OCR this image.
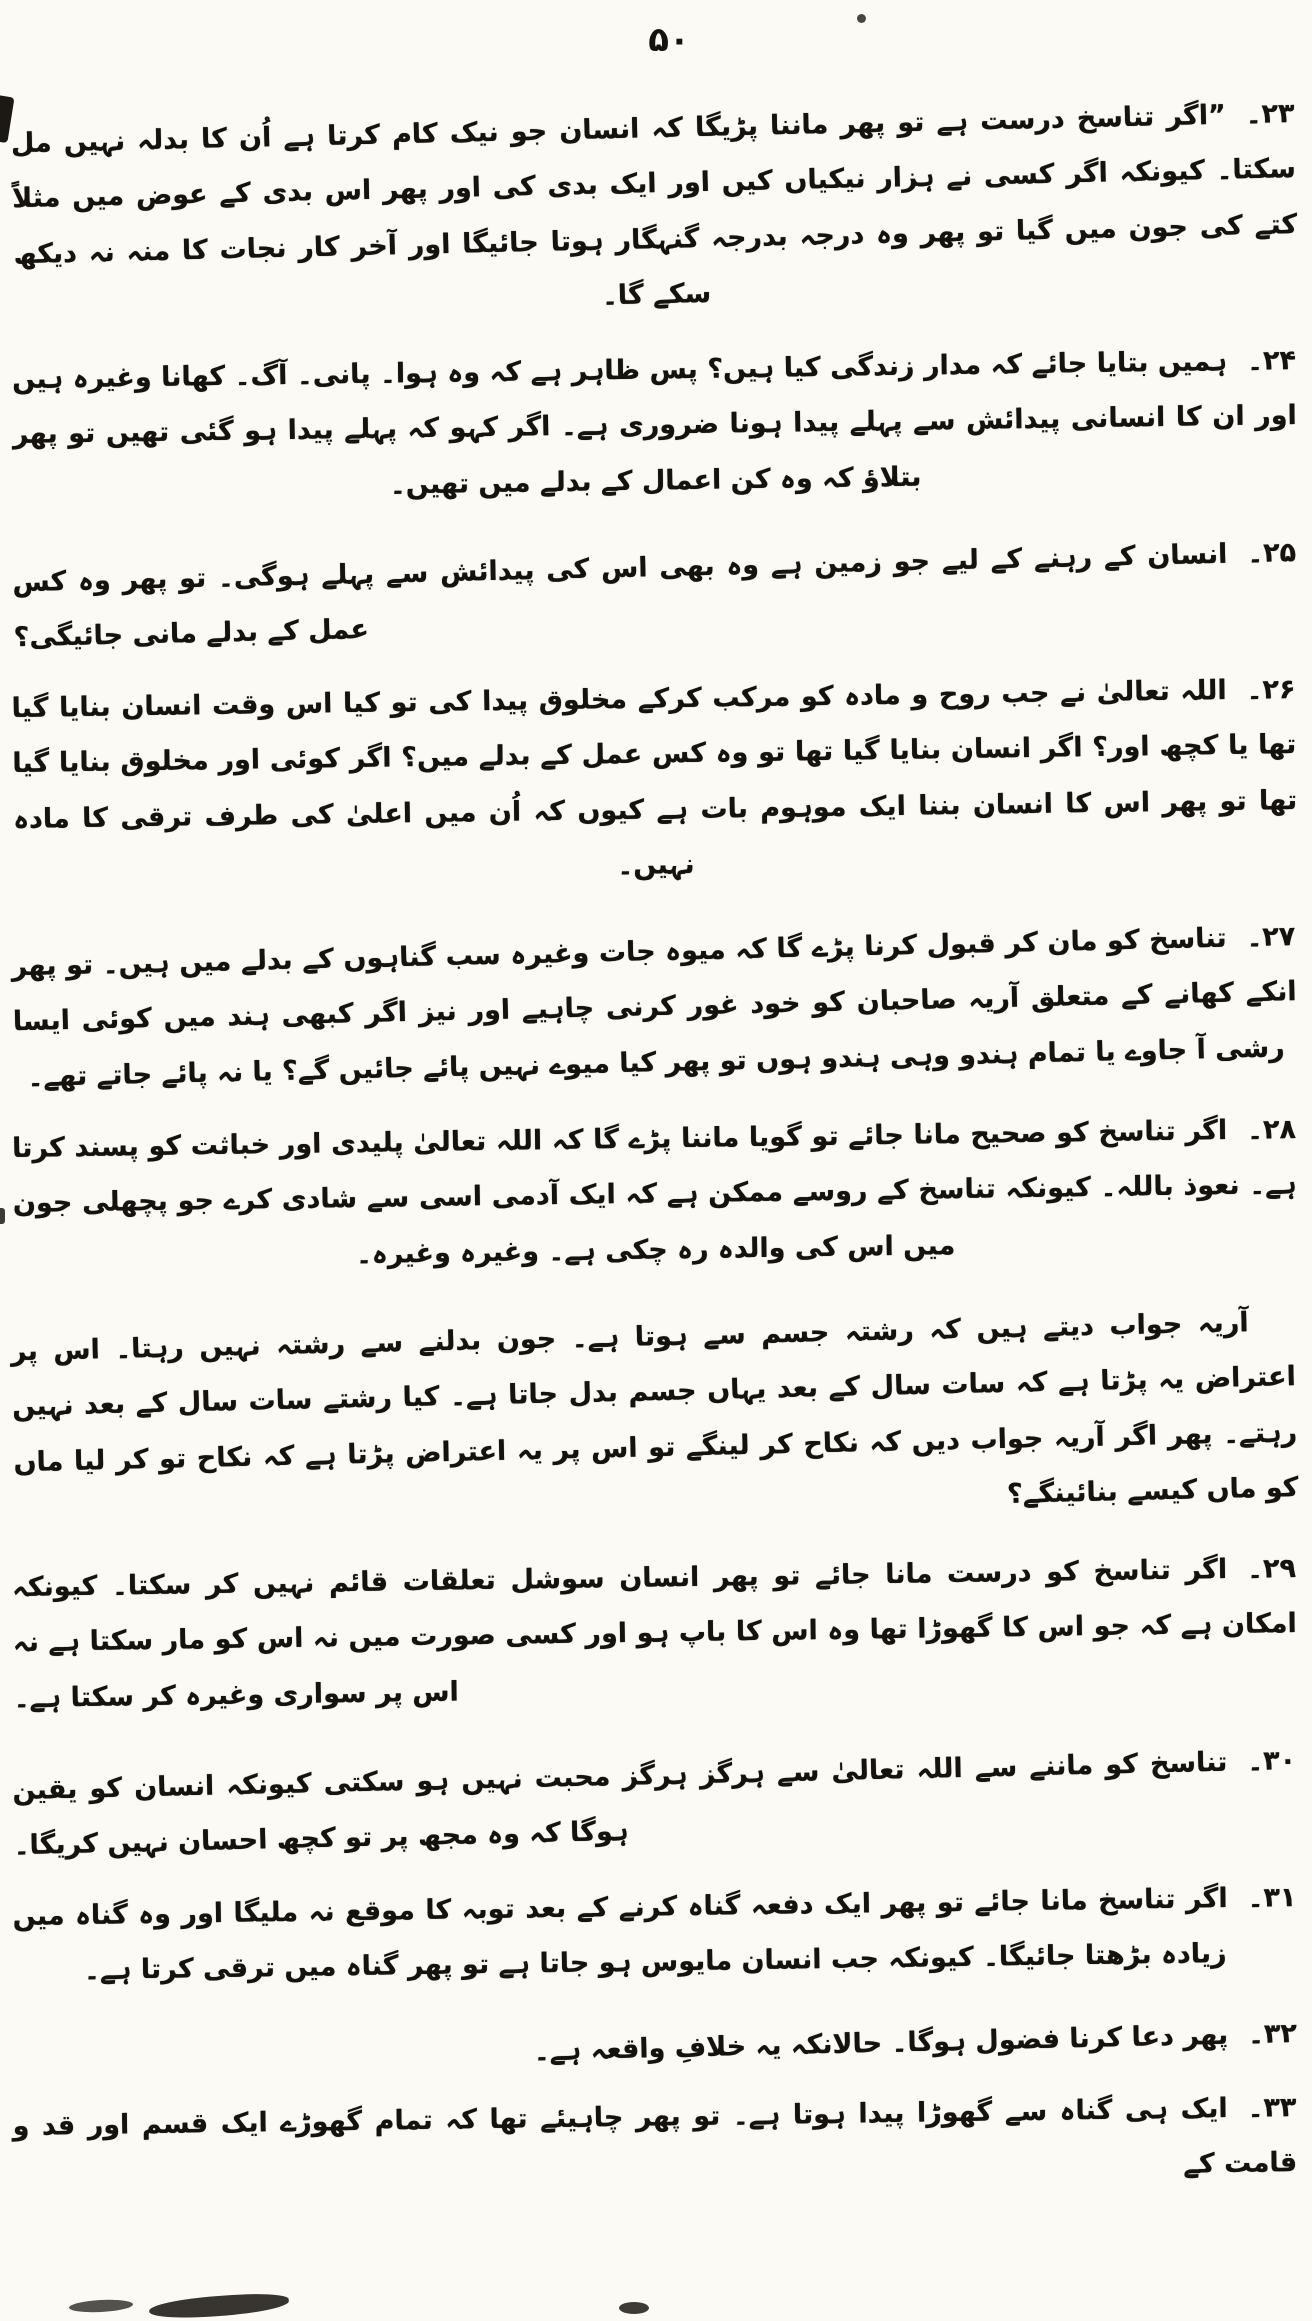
۵۰

۲۳۔”اگر تناسخ درست ہے تو پھر ماننا پڑیگا کہ انسان جو نیک کام کرتا ہے اُن کا بدلہ نہیں مل سکتا۔ کیونکہ اگر کسی نے ہزار نیکیاں کیں اور ایک بدی کی اور پھر اس بدی کے عوض میں مثلاً کتے کی جون میں گیا تو پھر وہ درجہ بدرجہ گنہگار ہوتا جائیگا اور آخر کار نجات کا منہ نہ دیکھ سکے گا۔

۲۴۔ہمیں بتایا جائے کہ مدار زندگی کیا ہیں؟ پس ظاہر ہے کہ وہ ہوا۔ پانی۔ آگ۔ کھانا وغیرہ ہیں اور ان کا انسانی پیدائش سے پہلے پیدا ہونا ضروری ہے۔ اگر کہو کہ پہلے پیدا ہو گئی تھیں تو پھر بتلاؤ کہ وہ کن اعمال کے بدلے میں تھیں۔

۲۵۔انسان کے رہنے کے لیے جو زمین ہے وہ بھی اس کی پیدائش سے پہلے ہوگی۔ تو پھر وہ کس عمل کے بدلے مانی جائیگی؟

۲۶۔اللہ تعالیٰ نے جب روح و مادہ کو مرکب کرکے مخلوق پیدا کی تو کیا اس وقت انسان بنایا گیا تھا یا کچھ اور؟ اگر انسان بنایا گیا تھا تو وہ کس عمل کے بدلے میں؟ اگر کوئی اور مخلوق بنایا گیا تھا تو پھر اس کا انسان بننا ایک موہوم بات ہے کیوں کہ اُن میں اعلیٰ کی طرف ترقی کا مادہ نہیں۔

۲۷۔تناسخ کو مان کر قبول کرنا پڑے گا کہ میوہ جات وغیرہ سب گناہوں کے بدلے میں ہیں۔ تو پھر انکے کھانے کے متعلق آریہ صاحبان کو خود غور کرنی چاہیے اور نیز اگر کبھی ہند میں کوئی ایسا رشی آ جاوے یا تمام ہندو وہی ہندو ہوں تو پھر کیا میوے نہیں پائے جائیں گے؟ یا نہ پائے جاتے تھے۔

۲۸۔اگر تناسخ کو صحیح مانا جائے تو گویا ماننا پڑے گا کہ اللہ تعالیٰ پلیدی اور خباثت کو پسند کرتا ہے۔ نعوذ باللہ۔ کیونکہ تناسخ کے روسے ممکن ہے کہ ایک آدمی اسی سے شادی کرے جو پچھلی جون میں اس کی والدہ رہ چکی ہے۔ وغیرہ وغیرہ۔

آریہ جواب دیتے ہیں کہ رشتہ جسم سے ہوتا ہے۔ جون بدلنے سے رشتہ نہیں رہتا۔ اس پر اعتراض یہ پڑتا ہے کہ سات سال کے بعد یہاں جسم بدل جاتا ہے۔ کیا رشتے سات سال کے بعد نہیں رہتے۔ پھر اگر آریہ جواب دیں کہ نکاح کر لینگے تو اس پر یہ اعتراض پڑتا ہے کہ نکاح تو کر لیا ماں کو ماں کیسے بنائینگے؟

۲۹۔اگر تناسخ کو درست مانا جائے تو پھر انسان سوشل تعلقات قائم نہیں کر سکتا۔ کیونکہ امکان ہے کہ جو اس کا گھوڑا تھا وہ اس کا باپ ہو اور کسی صورت میں نہ اس کو مار سکتا ہے نہ اس پر سواری وغیرہ کر سکتا ہے۔

۳۰۔تناسخ کو ماننے سے اللہ تعالیٰ سے ہرگز ہرگز محبت نہیں ہو سکتی کیونکہ انسان کو یقین ہوگا کہ وہ مجھ پر تو کچھ احسان نہیں کریگا۔

۳۱۔اگر تناسخ مانا جائے تو پھر ایک دفعہ گناہ کرنے کے بعد توبہ کا موقع نہ ملیگا اور وہ گناہ میں زیادہ بڑھتا جائیگا۔ کیونکہ جب انسان مایوس ہو جاتا ہے تو پھر گناہ میں ترقی کرتا ہے۔

۳۲۔پھر دعا کرنا فضول ہوگا۔ حالانکہ یہ خلافِ واقعہ ہے۔

۳۳۔ایک ہی گناہ سے گھوڑا پیدا ہوتا ہے۔ تو پھر چاہیئے تھا کہ تمام گھوڑے ایک قسم اور قد و قامت کے
